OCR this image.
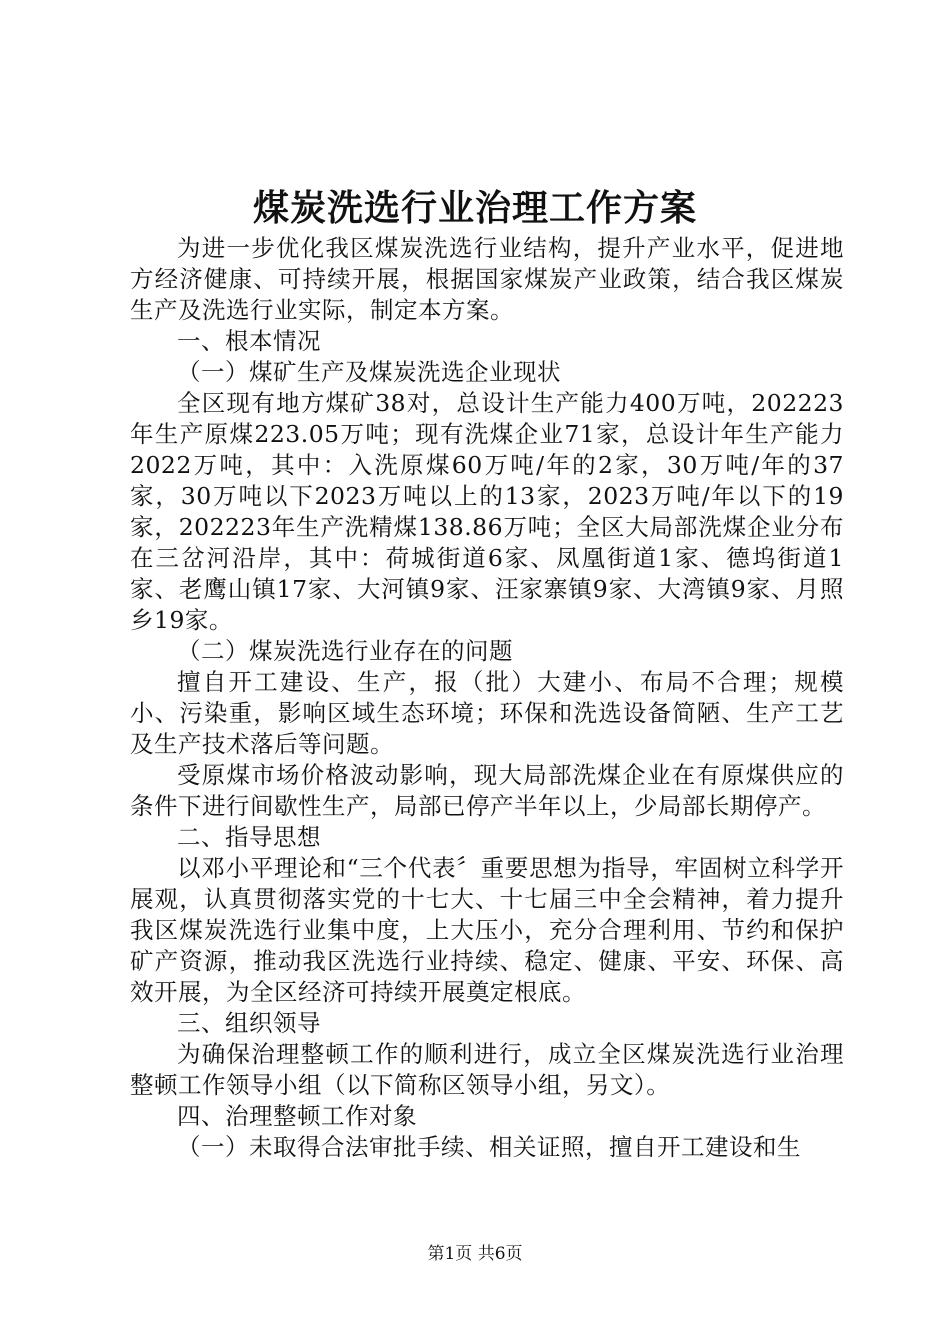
煤炭洗选行业治理工作方案

为进一步优化我区煤炭洗选行业结构，提升产业水平，促进地方经济健康、可持续开展，根据国家煤炭产业政策，结合我区煤炭生产及洗选行业实际，制定本方案。

一、根本情况

（一）煤矿生产及煤炭洗选企业现状

全区现有地方煤矿38对，总设计生产能力400万吨，202223年生产原煤223.05万吨；现有洗煤企业71家，总设计年生产能力2022万吨，其中：入洗原煤60万吨/年的2家，30万吨/年的37家，30万吨以下2023万吨以上的13家，2023万吨/年以下的19家，202223年生产洗精煤138.86万吨；全区大局部洗煤企业分布在三岔河沿岸，其中：荷城街道6家、凤凰街道1家、德坞街道1家、老鹰山镇17家、大河镇9家、汪家寨镇9家、大湾镇9家、月照乡19家。

（二）煤炭洗选行业存在的问题

擅自开工建设、生产，报（批）大建小、布局不合理；规模小、污染重，影响区域生态环境；环保和洗选设备简陋、生产工艺及生产技术落后等问题。

受原煤市场价格波动影响，现大局部洗煤企业在有原煤供应的条件下进行间歇性生产，局部已停产半年以上，少局部长期停产。

二、指导思想

以邓小平理论和“三个代表〞重要思想为指导，牢固树立科学开展观，认真贯彻落实党的十七大、十七届三中全会精神，着力提升我区煤炭洗选行业集中度，上大压小，充分合理利用、节约和保护矿产资源，推动我区洗选行业持续、稳定、健康、平安、环保、高效开展，为全区经济可持续开展奠定根底。

三、组织领导

为确保治理整顿工作的顺利进行，成立全区煤炭洗选行业治理整顿工作领导小组（以下简称区领导小组，另文）。

四、治理整顿工作对象

（一）未取得合法审批手续、相关证照，擅自开工建设和生

第1页 共6页
